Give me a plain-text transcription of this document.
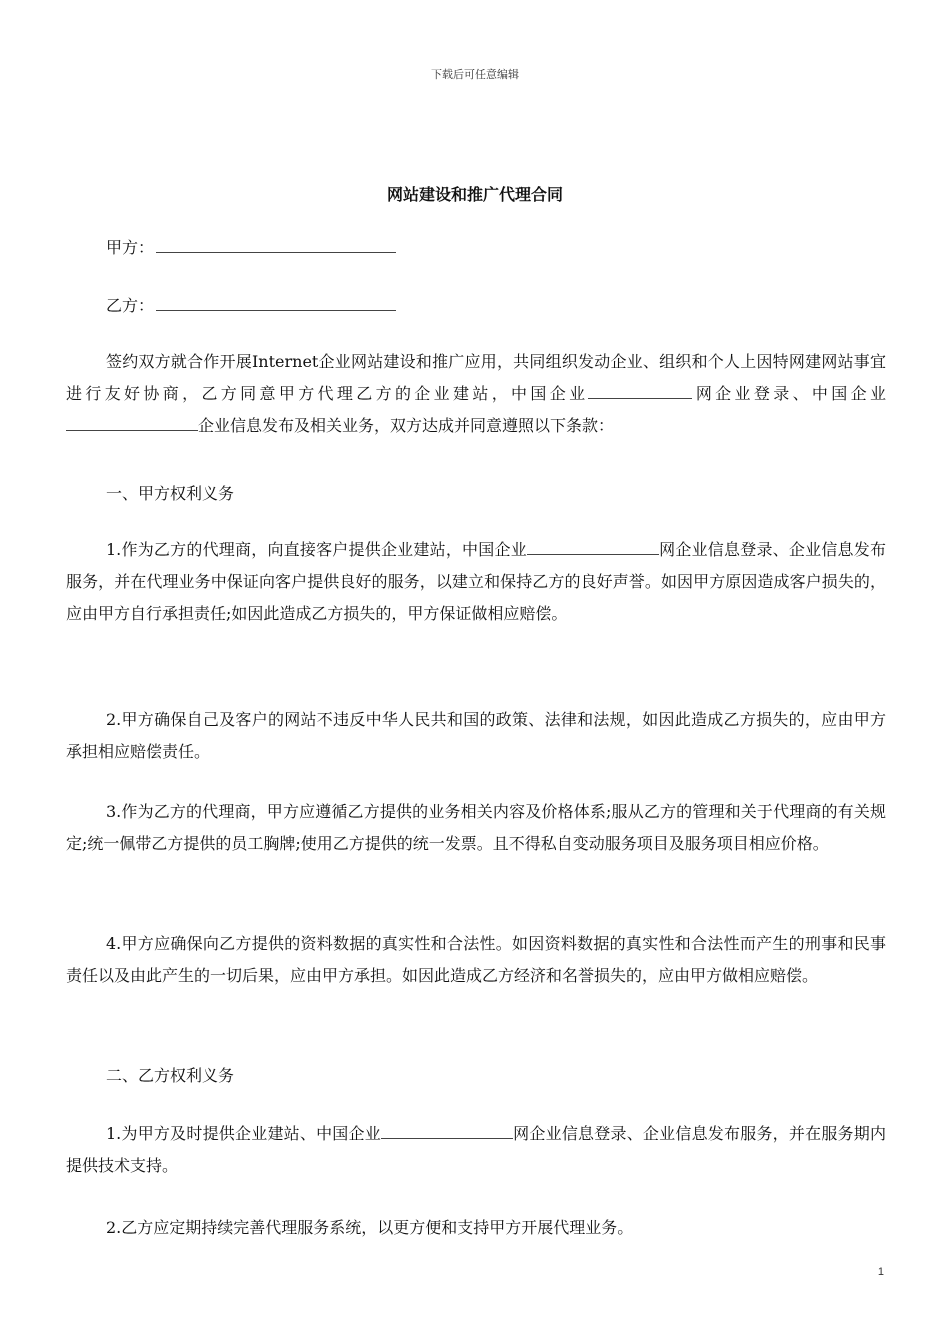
下载后可任意编辑
网站建设和推广代理合同
甲方：
乙方：
签约双方就合作开展Internet企业网站建设和推广应用，共同组织发动企业、组织和个人上因特网建网站事宜进行友好协商，乙方同意甲方代理乙方的企业建站，中国企业	网企业登录、中国企业企业信息发布及相关业务，双方达成并同意遵照以下条款：
一、甲方权利义务
1.作为乙方的代理商，向直接客户提供企业建站，中国企业	网企业信息登录、企业信息发布服务，并在代理业务中保证向客户提供良好的服务，以建立和保持乙方的良好声誉。如因甲方原因造成客户损失的，应由甲方自行承担责任;如因此造成乙方损失的，甲方保证做相应赔偿。
2.甲方确保自己及客户的网站不违反中华人民共和国的政策、法律和法规，如因此造成乙方损失的，应由甲方承担相应赔偿责任。
3.作为乙方的代理商，甲方应遵循乙方提供的业务相关内容及价格体系;服从乙方的管理和关于代理商的有关规定;统一佩带乙方提供的员工胸牌;使用乙方提供的统一发票。且不得私自变动服务项目及服务项目相应价格。
4.甲方应确保向乙方提供的资料数据的真实性和合法性。如因资料数据的真实性和合法性而产生的刑事和民事责任以及由此产生的一切后果，应由甲方承担。如因此造成乙方经济和名誉损失的，应由甲方做相应赔偿。
二、乙方权利义务
1.为甲方及时提供企业建站、中国企业	网企业信息登录、企业信息发布服务，并在服务期内提供技术支持。
2.乙方应定期持续完善代理服务系统，以更方便和支持甲方开展代理业务。
1
